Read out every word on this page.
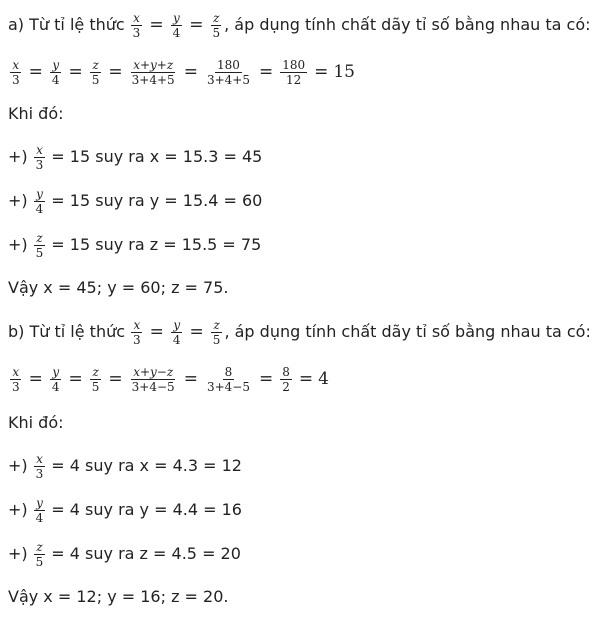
a) Từ tỉ lệ thức $\frac{x}{3} = \frac{y}{4} = \frac{z}{5}$ , áp dụng tính chất dãy tỉ số bằng nhau ta có:
$\frac{x}{3} = \frac{y}{4} = \frac{z}{5} = \frac{x+y+z}{3+4+5} = \frac{180}{3+4+5} = \frac{180}{12} = 15$
Khi đó:
+) $\frac{x}{3} = 15$ suy ra x = 15.3 = 45
+) $\frac{y}{4} = 15$ suy ra y = 15.4 = 60
+) $\frac{z}{5} = 15$ suy ra z = 15.5 = 75
Vậy x = 45; y = 60; z = 75.
b) Từ tỉ lệ thức $\frac{x}{3} = \frac{y}{4} = \frac{z}{5}$ , áp dụng tính chất dãy tỉ số bằng nhau ta có:
$\frac{x}{3} = \frac{y}{4} = \frac{z}{5} = \frac{x+y-z}{3+4-5} = \frac{8}{3+4-5} = \frac{8}{2} = 4$
Khi đó:
+) $\frac{x}{3} = 4$ suy ra x = 4.3 = 12
+) $\frac{y}{4} = 4$ suy ra y = 4.4 = 16
+) $\frac{z}{5} = 4$ suy ra z = 4.5 = 20
Vậy x = 12; y = 16; z = 20.
